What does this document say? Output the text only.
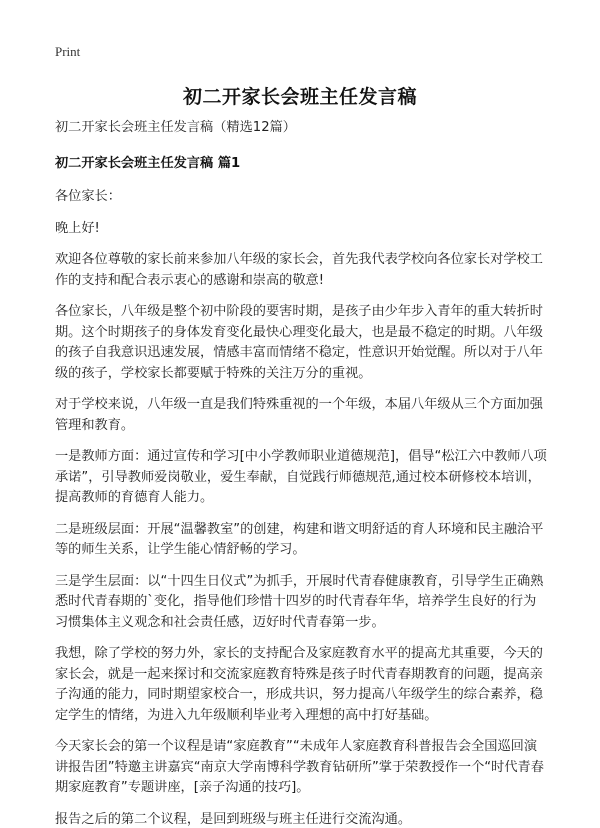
Print
初二开家长会班主任发言稿

初二开家长会班主任发言稿（精选12篇）

初二开家长会班主任发言稿 篇1

各位家长：

晚上好!

欢迎各位尊敬的家长前来参加八年级的家长会，首先我代表学校向各位家长对学校工作的支持和配合表示衷心的感谢和崇高的敬意!

各位家长，八年级是整个初中阶段的要害时期，是孩子由少年步入青年的重大转折时期。这个时期孩子的身体发育变化最快心理变化最大，也是最不稳定的时期。八年级的孩子自我意识迅速发展，情感丰富而情绪不稳定，性意识开始觉醒。所以对于八年级的孩子，学校家长都要赋于特殊的关注万分的重视。

对于学校来说，八年级一直是我们特殊重视的一个年级，本届八年级从三个方面加强管理和教育。

一是教师方面：通过宣传和学习[中小学教师职业道德规范]，倡导“松江六中教师八项承诺”，引导教师爱岗敬业，爱生奉献，自觉践行师德规范,通过校本研修校本培训，提高教师的育德育人能力。

二是班级层面：开展“温馨教室”的创建，构建和谐文明舒适的育人环境和民主融洽平等的师生关系，让学生能心情舒畅的学习。

三是学生层面：以“十四生日仪式”为抓手，开展时代青春健康教育，引导学生正确熟悉时代青春期的`变化，指导他们珍惜十四岁的时代青春年华，培养学生良好的行为习惯集体主义观念和社会责任感，迈好时代青春第一步。

我想，除了学校的努力外，家长的支持配合及家庭教育水平的提高尤其重要，今天的家长会，就是一起来探讨和交流家庭教育特殊是孩子时代青春期教育的问题，提高亲子沟通的能力，同时期望家校合一，形成共识，努力提高八年级学生的综合素养，稳定学生的情绪，为进入九年级顺利毕业考入理想的高中打好基础。

今天家长会的第一个议程是请“家庭教育”“未成年人家庭教育科普报告会全国巡回演讲报告团”特邀主讲嘉宾“南京大学南博科学教育钻研所”掌于荣教授作一个“时代青春期家庭教育”专题讲座，[亲子沟通的技巧]。

报告之后的第二个议程，是回到班级与班主任进行交流沟通。
